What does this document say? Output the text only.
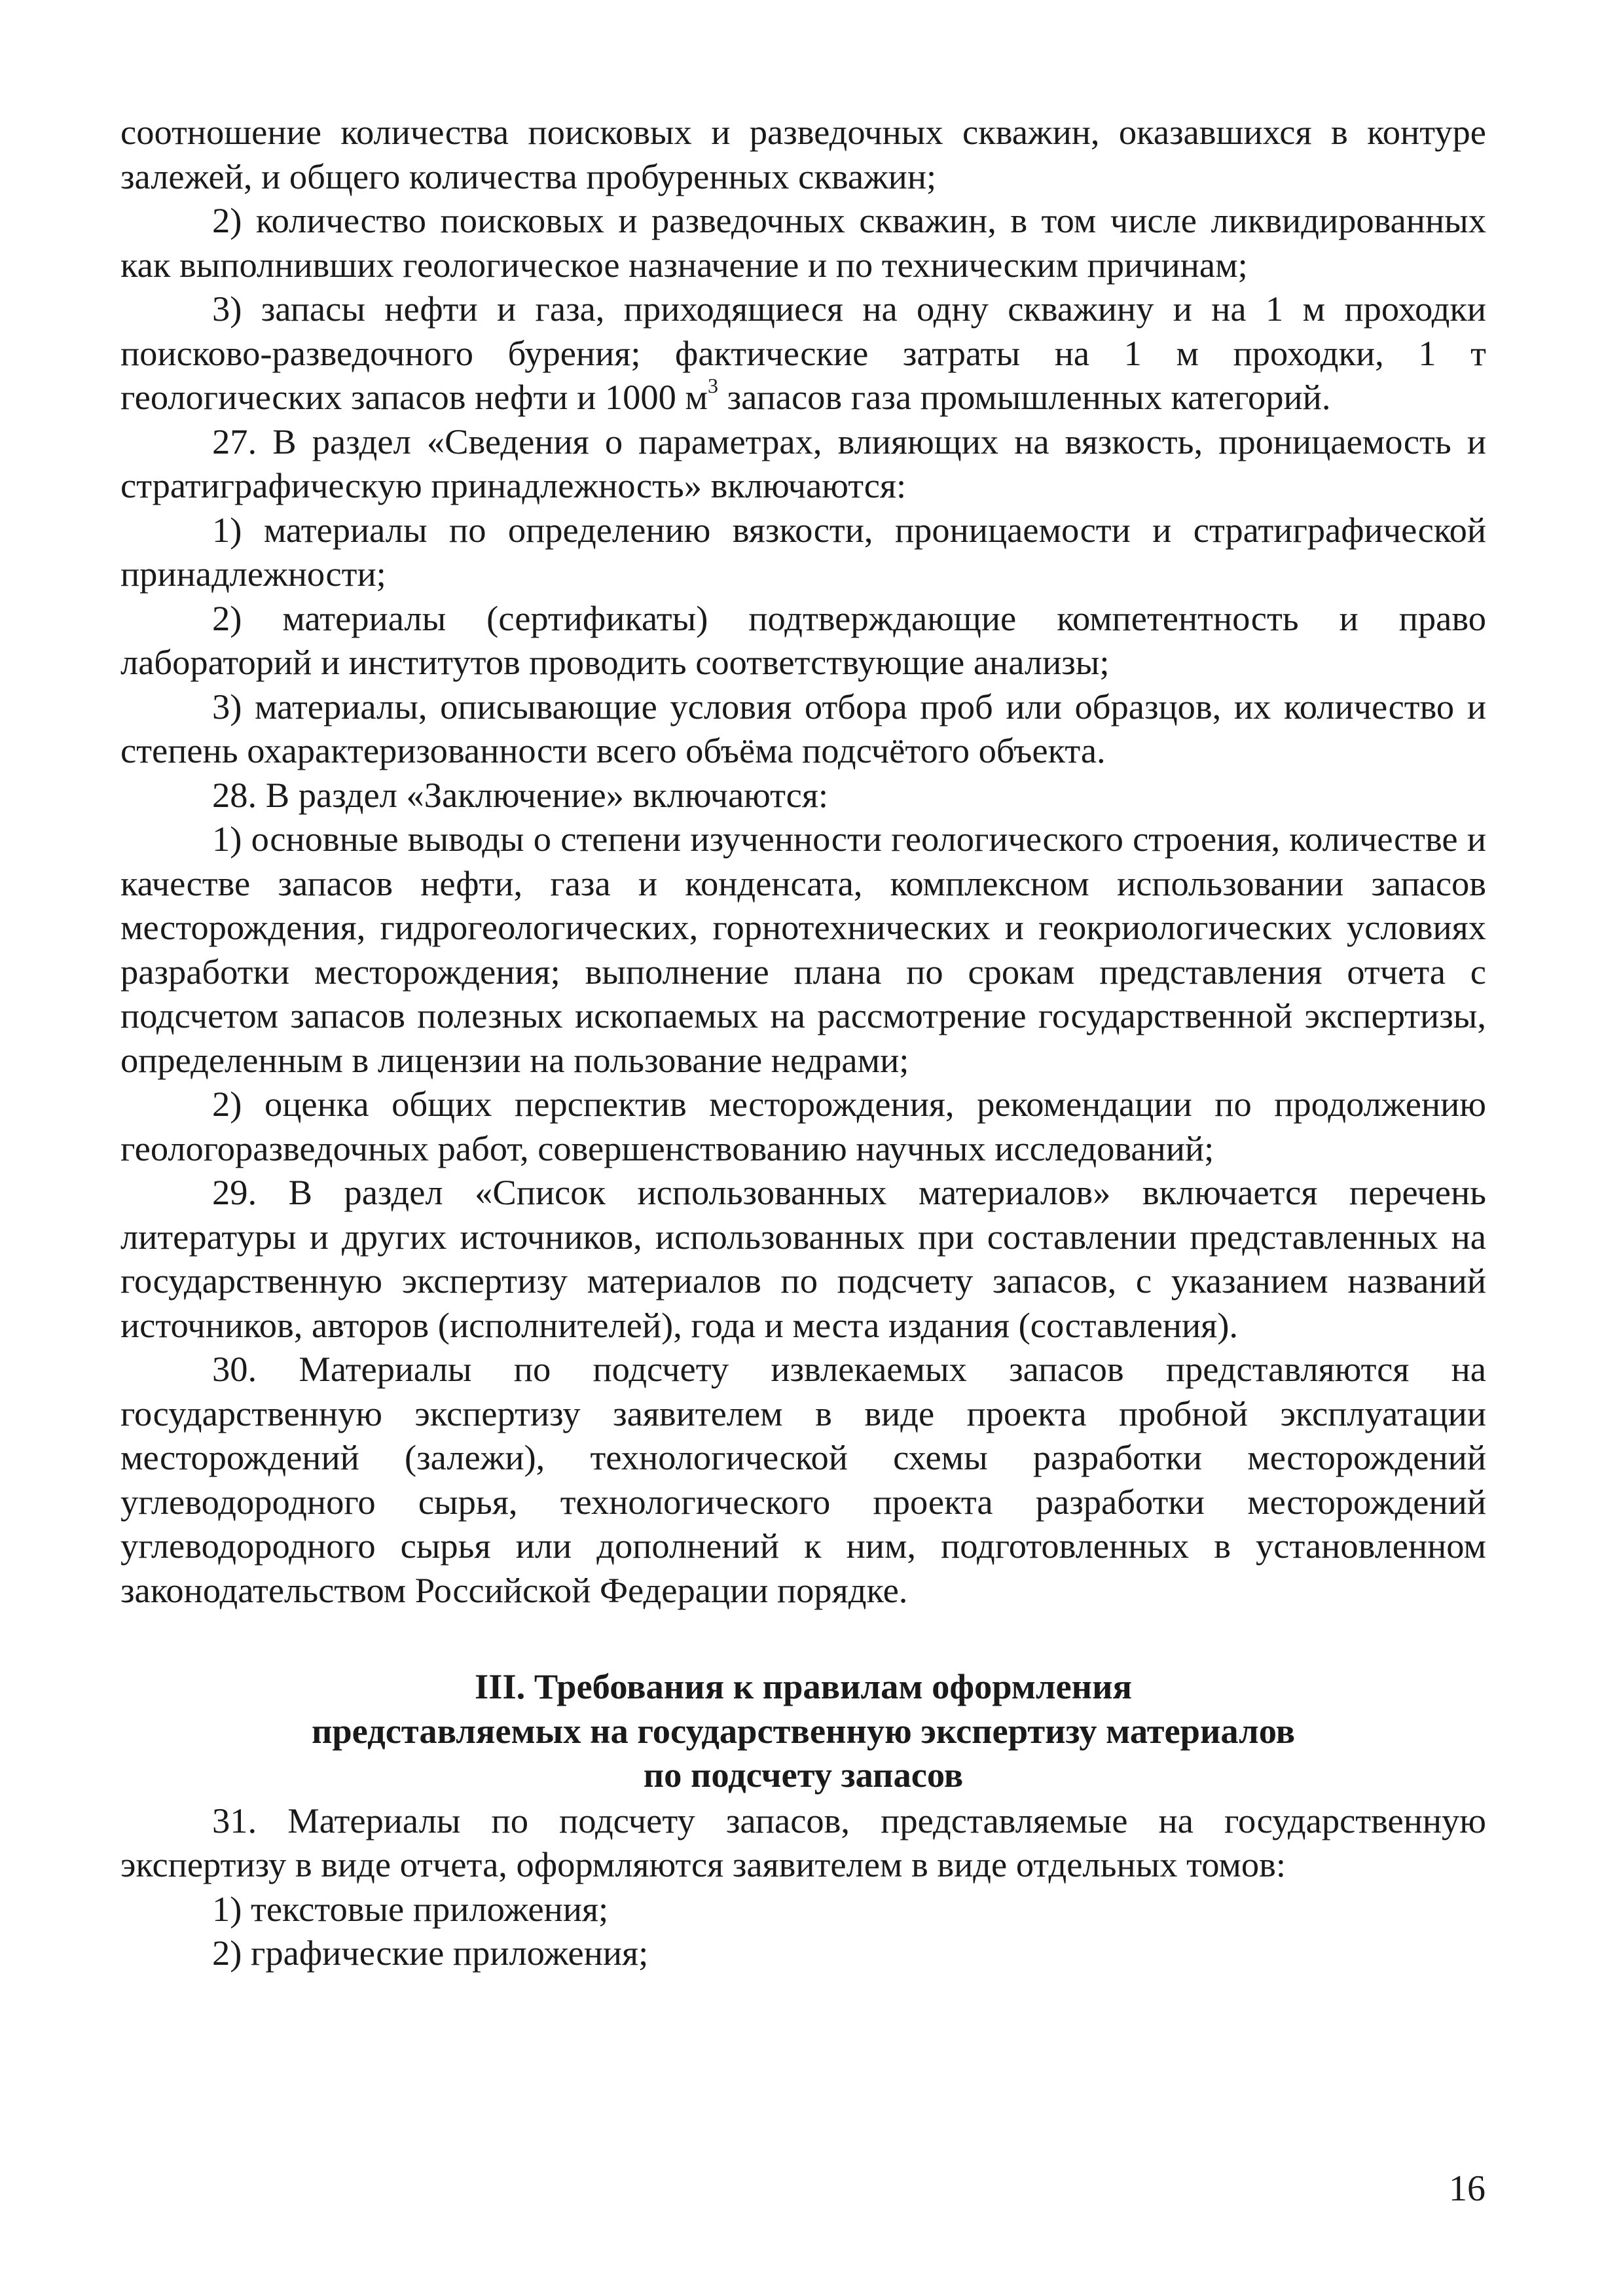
соотношение количества поисковых и разведочных скважин, оказавшихся в контуре залежей, и общего количества пробуренных скважин;

2) количество поисковых и разведочных скважин, в том числе ликвидированных как выполнивших геологическое назначение и по техническим причинам;

3) запасы нефти и газа, приходящиеся на одну скважину и на 1 м проходки поисково-разведочного бурения; фактические затраты на 1 м проходки, 1 т геологических запасов нефти и 1000 $м^3$ запасов газа промышленных категорий.

27. В раздел «Сведения о параметрах, влияющих на вязкость, проницаемость и стратиграфическую принадлежность» включаются:

1) материалы по определению вязкости, проницаемости и стратиграфической принадлежности;

2) материалы (сертификаты) подтверждающие компетентность и право лабораторий и институтов проводить соответствующие анализы;

3) материалы, описывающие условия отбора проб или образцов, их количество и степень охарактеризованности всего объёма подсчётого объекта.

28. В раздел «Заключение» включаются:

1) основные выводы о степени изученности геологического строения, количестве и качестве запасов нефти, газа и конденсата, комплексном использовании запасов месторождения, гидрогеологических, горнотехнических и геокриологических условиях разработки месторождения; выполнение плана по срокам представления отчета с подсчетом запасов полезных ископаемых на рассмотрение государственной экспертизы, определенным в лицензии на пользование недрами;

2) оценка общих перспектив месторождения, рекомендации по продолжению геологоразведочных работ, совершенствованию научных исследований;

29. В раздел «Список использованных материалов» включается перечень литературы и других источников, использованных при составлении представленных на государственную экспертизу материалов по подсчету запасов, с указанием названий источников, авторов (исполнителей), года и места издания (составления).

30. Материалы по подсчету извлекаемых запасов представляются на государственную экспертизу заявителем в виде проекта пробной эксплуатации месторождений (залежи), технологической схемы разработки месторождений углеводородного сырья, технологического проекта разработки месторождений углеводородного сырья или дополнений к ним, подготовленных в установленном законодательством Российской Федерации порядке.

III. Требования к правилам оформления
представляемых на государственную экспертизу материалов
по подсчету запасов

31. Материалы по подсчету запасов, представляемые на государственную экспертизу в виде отчета, оформляются заявителем в виде отдельных томов:

1) текстовые приложения;

2) графические приложения;

16
